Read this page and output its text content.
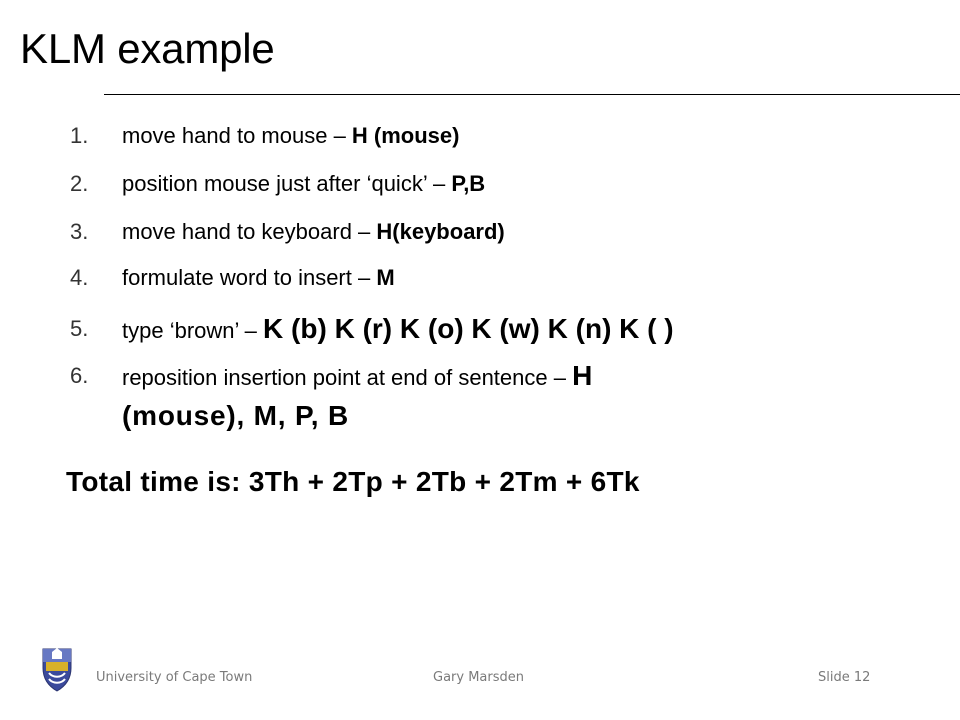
KLM example
1.	move hand to mouse – H (mouse)
2.	position mouse just after ‘quick’ – P,B
3.	move hand to keyboard – H(keyboard)
4.	formulate word to insert – M
5.	type ‘brown’ – K (b) K (r) K (o) K (w) K (n) K ( )
6.	reposition insertion point at end of sentence – H
(mouse), M, P, B

Total time is: 3Th + 2Tp + 2Tb + 2Tm + 6Tk

University of Cape Town	Gary Marsden	Slide 12
